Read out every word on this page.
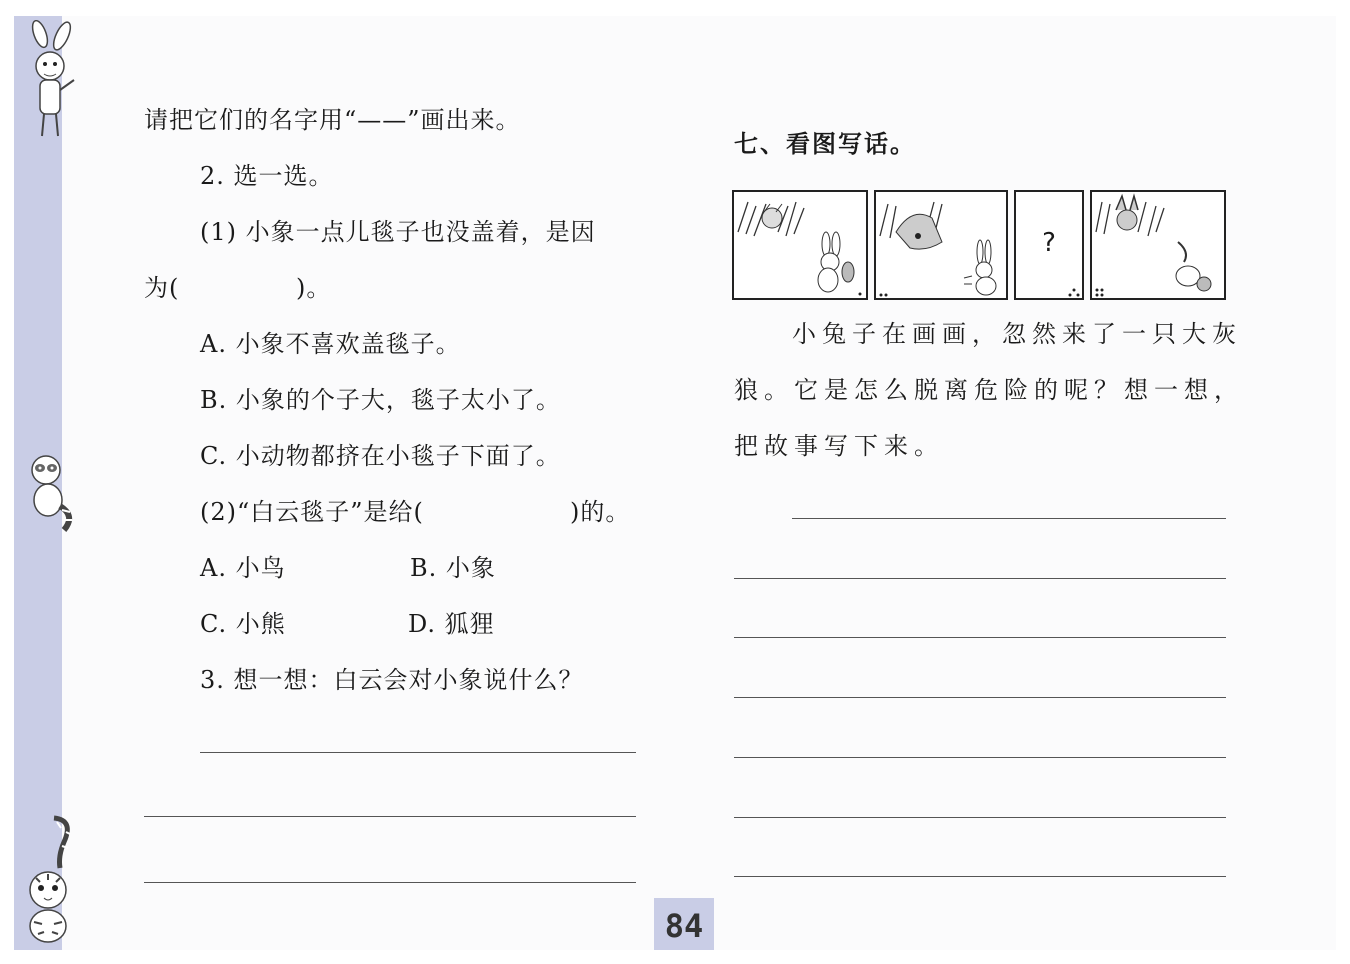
请把它们的名字用“——”画出来。
2. 选一选。
(1) 小象一点儿毯子也没盖着，是因
为(	)。
A. 小象不喜欢盖毯子。
B. 小象的个子大，毯子太小了。
C. 小动物都挤在小毯子下面了。
(2)“白云毯子”是给(	)的。
A. 小鸟	B. 小象
C. 小熊	D. 狐狸
3. 想一想：白云会对小象说什么？
七、看图写话。
?
小兔子在画画，忽然来了一只大灰
狼。它是怎么脱离危险的呢？想一想，
把故事写下来。
84
